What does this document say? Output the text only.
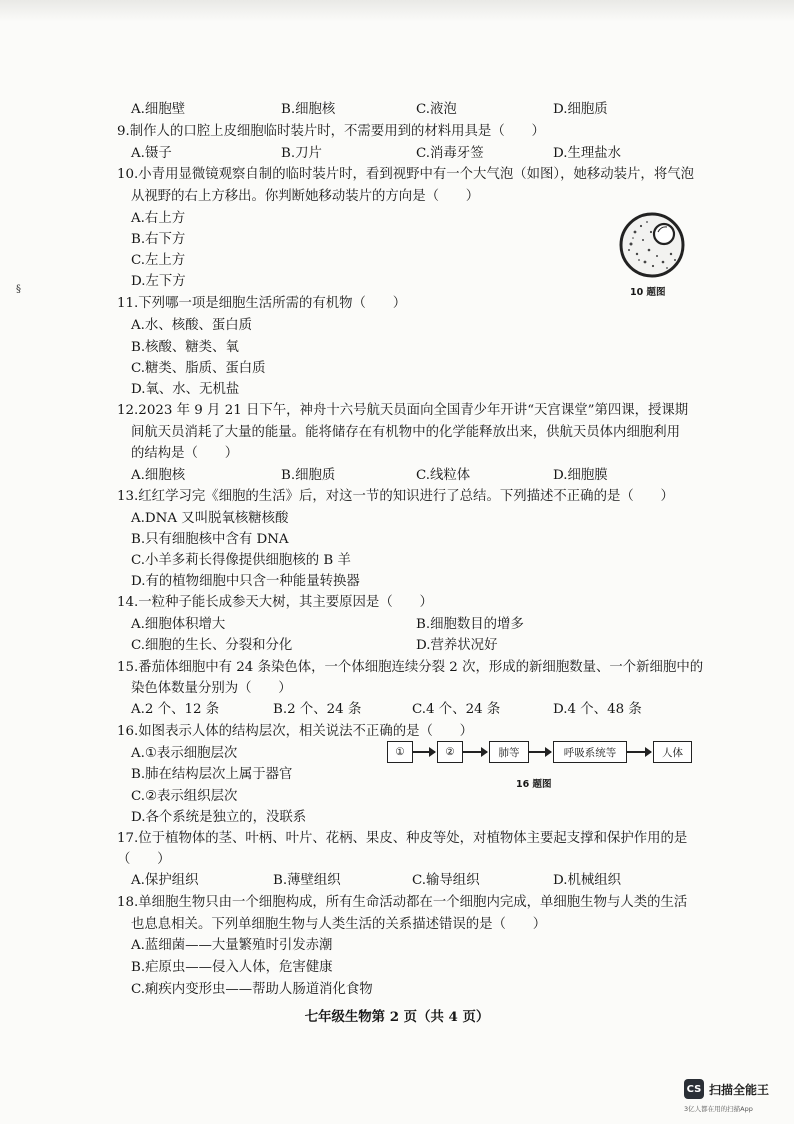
A.细胞壁	B.细胞核	C.液泡	D.细胞质
9.制作人的口腔上皮细胞临时装片时，不需要用到的材料用具是（　　）
A.镊子	B.刀片	C.消毒牙签	D.生理盐水
10.小青用显微镜观察自制的临时装片时，看到视野中有一个大气泡（如图），她移动装片，将气泡
从视野的右上方移出。你判断她移动装片的方向是（　　）
A.右上方
B.右下方
C.左上方
D.左下方
11.下列哪一项是细胞生活所需的有机物（　　）
A.水、核酸、蛋白质
B.核酸、糖类、氧
C.糖类、脂质、蛋白质
D.氧、水、无机盐
12.2023 年 9 月 21 日下午，神舟十六号航天员面向全国青少年开讲“天宫课堂”第四课，授课期
间航天员消耗了大量的能量。能将储存在有机物中的化学能释放出来，供航天员体内细胞利用
的结构是（　　）
A.细胞核	B.细胞质	C.线粒体	D.细胞膜
13.红红学习完《细胞的生活》后，对这一节的知识进行了总结。下列描述不正确的是（　　）
A.DNA 又叫脱氧核糖核酸
B.只有细胞核中含有 DNA
C.小羊多莉长得像提供细胞核的 B 羊
D.有的植物细胞中只含一种能量转换器
14.一粒种子能长成参天大树，其主要原因是（　　）
A.细胞体积增大	B.细胞数目的增多
C.细胞的生长、分裂和分化	D.营养状况好
15.番茄体细胞中有 24 条染色体，一个体细胞连续分裂 2 次，形成的新细胞数量、一个新细胞中的
染色体数量分别为（　　）
A.2 个、12 条	B.2 个、24 条	C.4 个、24 条	D.4 个、48 条
16.如图表示人体的结构层次，相关说法不正确的是（　　）
A.①表示细胞层次
B.肺在结构层次上属于器官
C.②表示组织层次
D.各个系统是独立的，没联系
17.位于植物体的茎、叶柄、叶片、花柄、果皮、种皮等处，对植物体主要起支撑和保护作用的是
（　　）
A.保护组织	B.薄壁组织	C.输导组织	D.机械组织
18.单细胞生物只由一个细胞构成，所有生命活动都在一个细胞内完成，单细胞生物与人类的生活
也息息相关。下列单细胞生物与人类生活的关系描述错误的是（　　）
A.蓝细菌——大量繁殖时引发赤潮
B.疟原虫——侵入人体，危害健康
C.痢疾内变形虫——帮助人肠道消化食物
10 题图
①	②	肺等	呼吸系统等	人体
16 题图
§
七年级生物第 2 页（共 4 页）
CS 扫描全能王
3亿人都在用的扫描App
